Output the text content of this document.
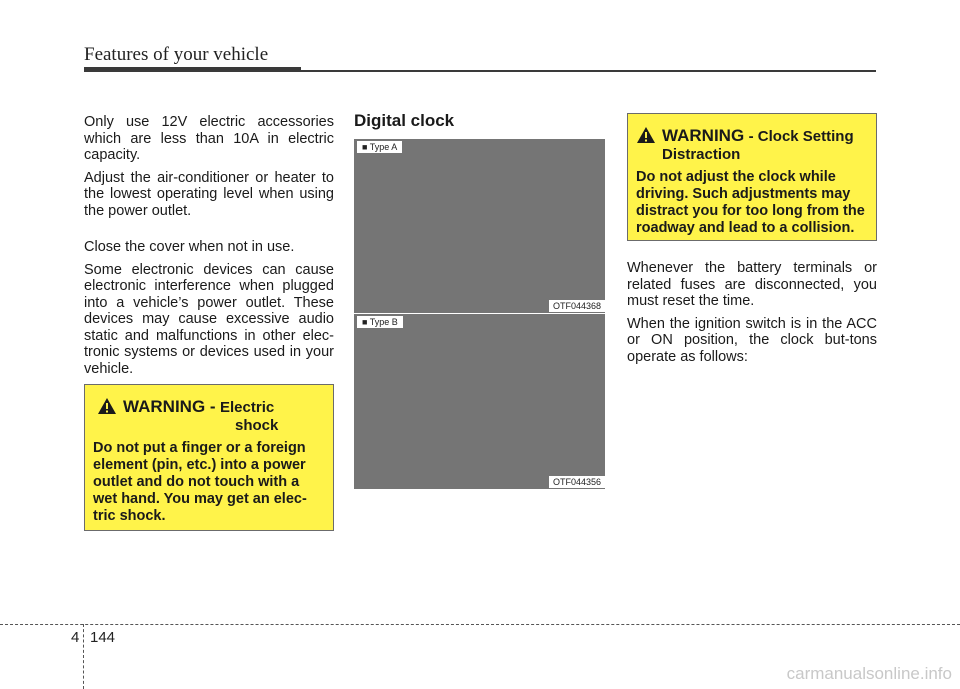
Features of your vehicle

Only use 12V electric accessories which are less than 10A in electric capacity.

Adjust the air-conditioner or heater to the lowest operating level when using the power outlet.

Close the cover when not in use.

Some electronic devices can cause electronic interference when plugged into a vehicle’s power outlet. These devices may cause excessive audio static and malfunctions in other elec-tronic systems or devices used in your vehicle.

WARNING - Electric
shock
Do not put a finger or a foreign element (pin, etc.) into a power outlet and do not touch with a wet hand. You may get an elec-tric shock.
Digital clock
■ Type A
OTF044368
■ Type B
OTF044356
WARNING - Clock Setting
Distraction
Do not adjust the clock while driving. Such adjustments may distract you for too long from the roadway and lead to a collision.

Whenever the battery terminals or related fuses are disconnected, you must reset the time.

When the ignition switch is in the ACC or ON position, the clock but-tons operate as follows:

4 144
carmanualsonline.info
